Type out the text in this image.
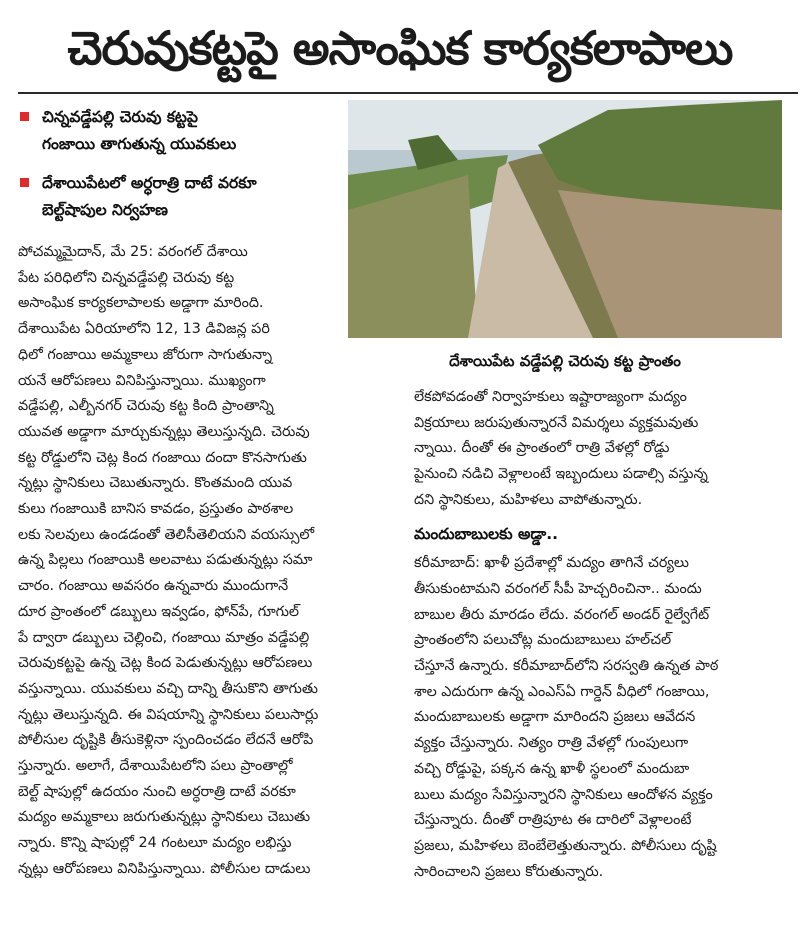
చెరువుకట్టపై అసాంఘిక కార్యకలాపాలు
చిన్నవడ్డేపల్లి చెరువు కట్టపై
గంజాయి తాగుతున్న యువకులు
దేశాయిపేటలో అర్ధరాత్రి దాటే వరకూ
బెల్ట్‌షాపుల నిర్వహణ
దేశాయిపేట వడ్డేపల్లి చెరువు కట్ట ప్రాంతం
పోచమ్మమైదాన్, మే 25: వరంగల్ దేశాయి
పేట పరిధిలోని చిన్నవడ్డేపల్లి చెరువు కట్ట
అసాంఘిక కార్యకలాపాలకు అడ్డాగా మారింది.
దేశాయిపేట ఏరియాలోని 12, 13 డివిజన్ల పరి
ధిలో గంజాయి అమ్మకాలు జోరుగా సాగుతున్నా
యనే ఆరోపణలు వినిపిస్తున్నాయి. ముఖ్యంగా
వడ్డేపల్లి, ఎల్బీనగర్ చెరువు కట్ట కింది ప్రాంతాన్ని
యువత అడ్డాగా మార్చుకున్నట్లు తెలుస్తున్నది. చెరువు
కట్ట రోడ్డులోని చెట్ల కింద గంజాయి దందా కొనసాగుతు
న్నట్లు స్థానికులు చెబుతున్నారు. కొంతమంది యువ
కులు గంజాయికి బానిస కావడం, ప్రస్తుతం పాఠశాల
లకు సెలవులు ఉండడంతో తెలిసీతెలియని వయస్సులో
ఉన్న పిల్లలు గంజాయికి అలవాటు పడుతున్నట్లు సమా
చారం. గంజాయి అవసరం ఉన్నవారు ముందుగానే
దూర ప్రాంతంలో డబ్బులు ఇవ్వడం, ఫోన్‌పే, గూగుల్
పే ద్వారా డబ్బులు చెల్లించి, గంజాయి మాత్రం వడ్డేపల్లి
చెరువుకట్టపై ఉన్న చెట్ల కింద పెడుతున్నట్లు ఆరోపణలు
వస్తున్నాయి. యువకులు వచ్చి దాన్ని తీసుకొని తాగుతు
న్నట్లు తెలుస్తున్నది. ఈ విషయాన్ని స్థానికులు పలుసార్లు
పోలీసుల దృష్టికి తీసుకెళ్లినా స్పందించడం లేదనే ఆరోపి
స్తున్నారు. అలాగే, దేశాయిపేటలోని పలు ప్రాంతాల్లో
బెల్ట్ షాపుల్లో ఉదయం నుంచి అర్ధరాత్రి దాటే వరకూ
మద్యం అమ్మకాలు జరుగుతున్నట్లు స్థానికులు చెబుతు
న్నారు. కొన్ని షాపుల్లో 24 గంటలూ మద్యం లభిస్తు
న్నట్లు ఆరోపణలు వినిపిస్తున్నాయి. పోలీసుల దాడులు
లేకపోవడంతో నిర్వాహకులు ఇష్టారాజ్యంగా మద్యం
విక్రయాలు జరుపుతున్నారనే విమర్శలు వ్యక్తమవుతు
న్నాయి. దీంతో ఈ ప్రాంతంలో రాత్రి వేళల్లో రోడ్డు
పైనుంచి నడిచి వెళ్లాలంటే ఇబ్బందులు పడాల్సి వస్తున్న
దని స్థానికులు, మహిళలు వాపోతున్నారు.
మందుబాబులకు అడ్డా..
కరీమాబాద్: ఖాళీ ప్రదేశాల్లో మద్యం తాగినే చర్యలు
తీసుకుంటామని వరంగల్ సీపీ హెచ్చరించినా.. మందు
బాబుల తీరు మారడం లేదు. వరంగల్ అండర్ రైల్వేగేట్
ప్రాంతంలోని పలుచోట్ల మందుబాబులు హల్‌చల్
చేస్తూనే ఉన్నారు. కరీమాబాద్‌లోని సరస్వతి ఉన్నత పాఠ
శాల ఎదురుగా ఉన్న ఎంఎస్‌ఏ గార్డెన్ వీధిలో గంజాయి,
మందుబాబులకు అడ్డాగా మారిందని ప్రజలు ఆవేదన
వ్యక్తం చేస్తున్నారు. నిత్యం రాత్రి వేళల్లో గుంపులుగా
వచ్చి రోడ్డుపై, పక్కన ఉన్న ఖాళీ స్థలంలో మందుబా
బులు మద్యం సేవిస్తున్నారని స్థానికులు ఆందోళన వ్యక్తం
చేస్తున్నారు. దీంతో రాత్రిపూట ఈ దారిలో వెళ్లాలంటే
ప్రజలు, మహిళలు బెంబేలెత్తుతున్నారు. పోలీసులు దృష్టి
సారించాలని ప్రజలు కోరుతున్నారు.
